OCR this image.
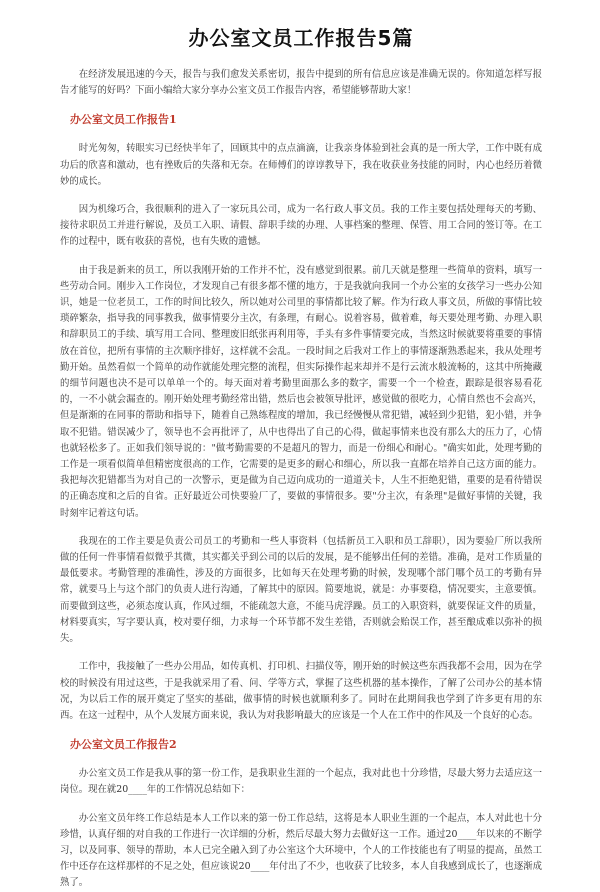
办公室文员工作报告5篇

在经济发展迅速的今天，报告与我们愈发关系密切，报告中提到的所有信息应该是准确无误的。你知道怎样写报告才能写的好吗？下面小编给大家分享办公室文员工作报告内容，希望能够帮助大家！

办公室文员工作报告1

时光匆匆，转眼实习已经快半年了，回顾其中的点点滴滴，让我亲身体验到社会真的是一所大学，工作中既有成功后的欣喜和激动，也有挫败后的失落和无奈。在师傅们的谆谆教导下，我在收获业务技能的同时，内心也经历着微妙的成长。

因为机缘巧合，我很顺利的进入了一家玩具公司，成为一名行政人事文员。我的工作主要包括处理每天的考勤、接待求职员工并进行解说，及员工入职、请假、辞职手续的办理、人事档案的整理、保管、用工合同的签订等。在工作的过程中，既有收获的喜悦，也有失败的遗憾。

由于我是新来的员工，所以我刚开始的工作并不忙，没有感觉到很累。前几天就是整理一些简单的资料，填写一些劳动合同。刚步入工作岗位，才发现自己有很多都不懂的地方，于是我就向我同一个办公室的女孩学习一些办公知识，她是一位老员工，工作的时间比较久，所以她对公司里的事情都比较了解。作为行政人事文员，所做的事情比较琐碎繁杂，指导我的同事教我，做事情要分主次，有条理，有耐心。说着容易，做着难，每天要处理考勤、办理入职和辞职员工的手续、填写用工合同、整理废旧纸张再利用等，手头有多件事情要完成，当然这时候就要将重要的事情放在首位，把所有事情的主次顺序排好，这样就不会乱。一段时间之后我对工作上的事情逐渐熟悉起来，我从处理考勤开始。虽然看似一个简单的动作就能处理完整的流程，但实际操作起来却并不是行云流水般流畅的，这其中所掩藏的细节问题也决不是可以单单一个的。每天面对着考勤里面那么多的数字，需要一个一个检查，跟踪是很容易看花的，一不小就会漏查的。刚开始处理考勤经常出错，然后也会被领导批评，感觉做的很吃力，心情自然也不会高兴，但是渐渐的在同事的帮助和指导下，随着自己熟练程度的增加，我已经慢慢从常犯错，减轻到少犯错，犯小错，并争取不犯错。错误减少了，领导也不会再批评了，从中也得出了自己的心得，做起事情来也没有那么大的压力了，心情也就轻松多了。正如我们领导说的："做考勤需要的不是超凡的智力，而是一份细心和耐心。"确实如此，处理考勤的工作是一项看似简单但精密度很高的工作，它需要的是更多的耐心和细心，所以我一直都在培养自己这方面的能力。我把每次犯错都当为对自己的一次警示，更是做为自己迈向成功的一道道关卡，人生不拒绝犯错，重要的是看待错误的正确态度和之后的自省。正好最近公司快要验厂了，要做的事情很多。要"分主次，有条理"是做好事情的关键，我时刻牢记着这句话。

我现在的工作主要是负责公司员工的考勤和一些人事资料（包括新员工入职和员工辞职），因为要验厂所以我所做的任何一件事情看似微乎其微，其实都关乎到公司的以后的发展，是不能够出任何的差错。准确，是对工作质量的最低要求。考勤管理的准确性，涉及的方面很多，比如每天在处理考勤的时候，发现哪个部门哪个员工的考勤有异常，就要马上与这个部门的负责人进行沟通，了解其中的原因。简要地说，就是：办事要稳，情况要实，主意要慎。而要做到这些，必须态度认真，作风过细，不能疏忽大意，不能马虎浮躁。员工的入职资料，就要保证文件的质量，材料要真实，写字要认真，校对要仔细，力求每一个环节都不发生差错，否则就会贻误工作，甚至酿成难以弥补的损失。

工作中，我接触了一些办公用品，如传真机、打印机、扫描仪等，刚开始的时候这些东西我都不会用，因为在学校的时候没有用过这些，于是我就采用了看、问、学等方式，掌握了这些机器的基本操作，了解了公司办公的基本情况，为以后工作的展开奠定了坚实的基础，做事情的时候也就顺利多了。同时在此期间我也学到了许多更有用的东西。在这一过程中，从个人发展方面来说，我认为对我影响最大的应该是一个人在工作中的作风及一个良好的心态。

办公室文员工作报告2

办公室文员工作是我从事的第一份工作，是我职业生涯的一个起点，我对此也十分珍惜，尽最大努力去适应这一岗位。现在就20____年的工作情况总结如下：

办公室文员年终工作总结是本人工作以来的第一份工作总结，这将是本人职业生涯的一个起点，本人对此也十分珍惜，认真仔细的对自我的工作进行一次详细的分析，然后尽最大努力去做好这一工作。通过20____年以来的不断学习，以及同事、领导的帮助，本人已完全融入到了办公室这个大环境中，个人的工作技能也有了明显的提高，虽然工作中还存在这样那样的不足之处，但应该说20____年付出了不少，也收获了比较多，本人自我感到成长了，也逐渐成熟了。
